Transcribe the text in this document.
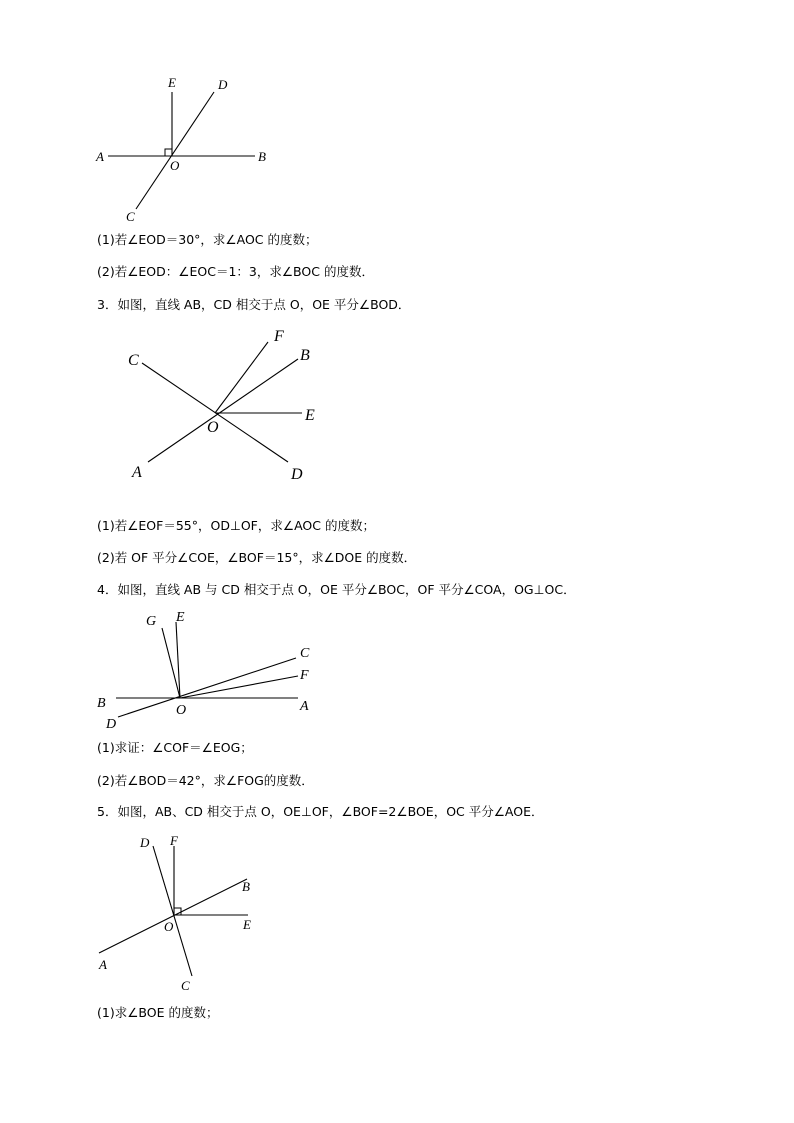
E	D
A
O
B
C
(1)若∠EOD＝30°，求∠AOC 的度数；
(2)若∠EOD：∠EOC＝1：3，求∠BOC 的度数．
3．如图，直线 AB，CD 相交于点 O，OE 平分∠BOD．
C
F
B
E
O
A	D
(1)若∠EOF＝55°，OD⊥OF，求∠AOC 的度数；
(2)若 OF 平分∠COE，∠BOF＝15°，求∠DOE 的度数．
4．如图，直线 AB 与 CD 相交于点 O，OE 平分∠BOC，OF 平分∠COA，OG⊥OC．
G E
C
F
B	O	A
D
(1)求证：∠COF＝∠EOG；
(2)若∠BOD＝42°，求∠FOG的度数．
5．如图，AB、CD 相交于点 O，OE⊥OF，∠BOF=2∠BOE，OC 平分∠AOE．
D F
B
O	E
A
C
(1)求∠BOE 的度数；
